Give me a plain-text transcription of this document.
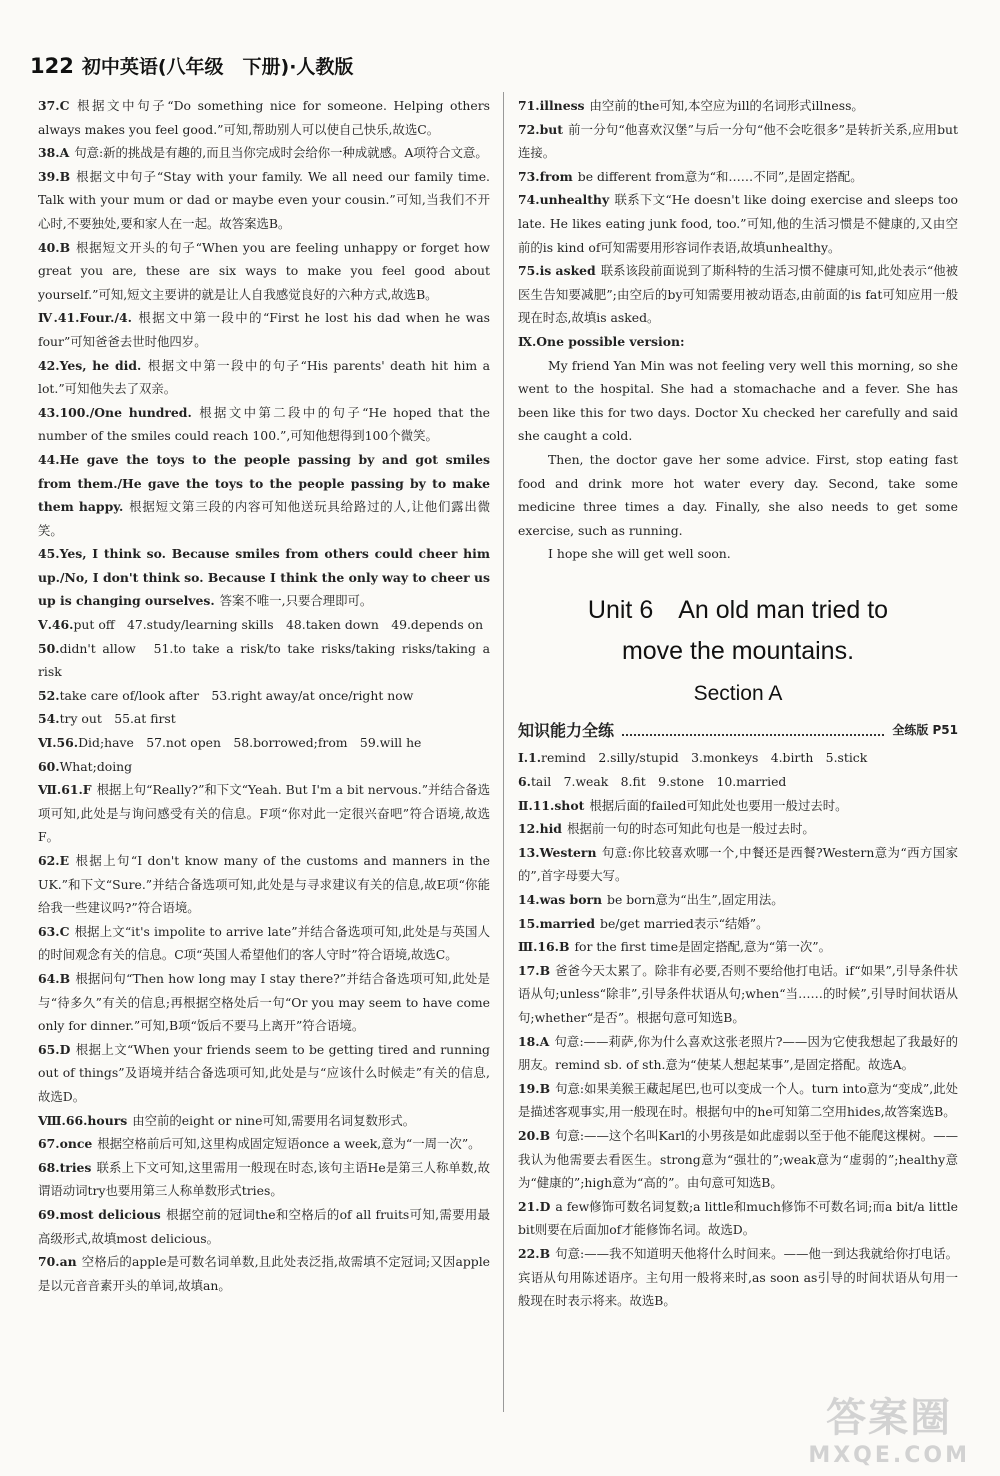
122 初中英语(八年级　下册)·人教版

37.C 根据文中句子“Do something nice for someone. Helping others always makes you feel good.”可知,帮助别人可以使自己快乐,故选C。

38.A 句意:新的挑战是有趣的,而且当你完成时会给你一种成就感。A项符合文意。

39.B 根据文中句子“Stay with your family. We all need our family time. Talk with your mum or dad or maybe even your cousin.”可知,当我们不开心时,不要独处,要和家人在一起。故答案选B。

40.B 根据短文开头的句子“When you are feeling unhappy or forget how great you are, these are six ways to make you feel good about yourself.”可知,短文主要讲的就是让人自我感觉良好的六种方式,故选B。

Ⅳ.41.Four./4. 根据文中第一段中的“First he lost his dad when he was four”可知爸爸去世时他四岁。

42.Yes, he did. 根据文中第一段中的句子“His parents' death hit him a lot.”可知他失去了双亲。

43.100./One hundred. 根据文中第二段中的句子“He hoped that the number of the smiles could reach 100.”,可知他想得到100个微笑。

44.He gave the toys to the people passing by and got smiles from them./He gave the toys to the people passing by to make them happy. 根据短文第三段的内容可知他送玩具给路过的人,让他们露出微笑。

45.Yes, I think so. Because smiles from others could cheer him up./No, I don't think so. Because I think the only way to cheer us up is changing ourselves. 答案不唯一,只要合理即可。

Ⅴ.46.put off　47.study/learning skills　48.taken down　49.depends on

50.didn't allow　51.to take a risk/to take risks/taking risks/taking a risk

52.take care of/look after　53.right away/at once/right now

54.try out　55.at first

Ⅵ.56.Did;have　57.not open　58.borrowed;from　59.will he

60.What;doing

Ⅶ.61.F 根据上句“Really?”和下文“Yeah. But I'm a bit nervous.”并结合备选项可知,此处是与询问感受有关的信息。F项“你对此一定很兴奋吧”符合语境,故选F。

62.E 根据上句“I don't know many of the customs and manners in the UK.”和下文“Sure.”并结合备选项可知,此处是与寻求建议有关的信息,故E项“你能给我一些建议吗?”符合语境。

63.C 根据上文“it's impolite to arrive late”并结合备选项可知,此处是与英国人的时间观念有关的信息。C项“英国人希望他们的客人守时”符合语境,故选C。

64.B 根据问句“Then how long may I stay there?”并结合备选项可知,此处是与“待多久”有关的信息;再根据空格处后一句“Or you may seem to have come only for dinner.”可知,B项“饭后不要马上离开”符合语境。

65.D 根据上文“When your friends seem to be getting tired and running out of things”及语境并结合备选项可知,此处是与“应该什么时候走”有关的信息,故选D。

Ⅷ.66.hours 由空前的eight or nine可知,需要用名词复数形式。

67.once 根据空格前后可知,这里构成固定短语once a week,意为“一周一次”。

68.tries 联系上下文可知,这里需用一般现在时态,该句主语He是第三人称单数,故谓语动词try也要用第三人称单数形式tries。

69.most delicious 根据空前的冠词the和空格后的of all fruits可知,需要用最高级形式,故填most delicious。

70.an 空格后的apple是可数名词单数,且此处表泛指,故需填不定冠词;又因apple是以元音音素开头的单词,故填an。

71.illness 由空前的the可知,本空应为ill的名词形式illness。

72.but 前一分句“他喜欢汉堡”与后一分句“他不会吃很多”是转折关系,应用but连接。

73.from be different from意为“和……不同”,是固定搭配。

74.unhealthy 联系下文“He doesn't like doing exercise and sleeps too late. He likes eating junk food, too.”可知,他的生活习惯是不健康的,又由空前的is kind of可知需要用形容词作表语,故填unhealthy。

75.is asked 联系该段前面说到了斯科特的生活习惯不健康可知,此处表示“他被医生告知要减肥”;由空后的by可知需要用被动语态,由前面的is fat可知应用一般现在时态,故填is asked。

Ⅸ.One possible version:

My friend Yan Min was not feeling very well this morning, so she went to the hospital. She had a stomachache and a fever. She has been like this for two days. Doctor Xu checked her carefully and said she caught a cold.

Then, the doctor gave her some advice. First, stop eating fast food and drink more hot water every day. Second, take some medicine three times a day. Finally, she also needs to get some exercise, such as running.

I hope she will get well soon.

Unit 6　An old man tried to
move the mountains.
Section A
知识能力全练	全练版 P51

Ⅰ.1.remind　2.silly/stupid　3.monkeys　4.birth　5.stick

6.tail　7.weak　8.fit　9.stone　10.married

Ⅱ.11.shot 根据后面的failed可知此处也要用一般过去时。

12.hid 根据前一句的时态可知此句也是一般过去时。

13.Western 句意:你比较喜欢哪一个,中餐还是西餐?Western意为“西方国家的”,首字母要大写。

14.was born be born意为“出生”,固定用法。

15.married be/get married表示“结婚”。

Ⅲ.16.B for the first time是固定搭配,意为“第一次”。

17.B 爸爸今天太累了。除非有必要,否则不要给他打电话。if“如果”,引导条件状语从句;unless“除非”,引导条件状语从句;when“当……的时候”,引导时间状语从句;whether“是否”。根据句意可知选B。

18.A 句意:——莉萨,你为什么喜欢这张老照片?——因为它使我想起了我最好的朋友。remind sb. of sth.意为“使某人想起某事”,是固定搭配。故选A。

19.B 句意:如果美猴王藏起尾巴,也可以变成一个人。turn into意为“变成”,此处是描述客观事实,用一般现在时。根据句中的he可知第二空用hides,故答案选B。

20.B 句意:——这个名叫Karl的小男孩是如此虚弱以至于他不能爬这棵树。——我认为他需要去看医生。strong意为“强壮的”;weak意为“虚弱的”;healthy意为“健康的”;high意为“高的”。由句意可知选B。

21.D a few修饰可数名词复数;a little和much修饰不可数名词;而a bit/a little bit则要在后面加of才能修饰名词。故选D。

22.B 句意:——我不知道明天他将什么时间来。——他一到达我就给你打电话。宾语从句用陈述语序。主句用一般将来时,as soon as引导的时间状语从句用一般现在时表示将来。故选B。

答案圈
MXQE.COM
